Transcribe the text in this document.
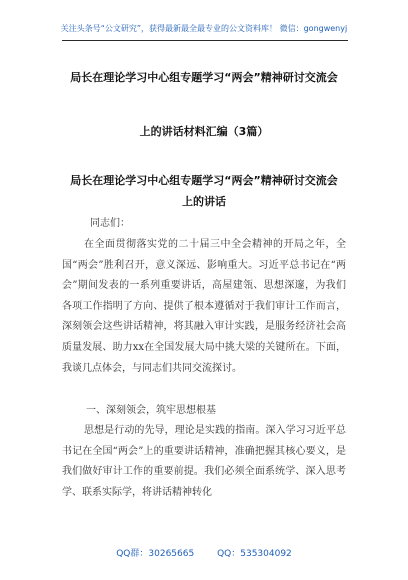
关注头条号“公文研究”，获得最新最全最专业的公文资料库！ 微信：gongwenyj
局长在理论学习中心组专题学习“两会”精神研讨交流会
上的讲话材料汇编（3篇）
局长在理论学习中心组专题学习“两会”精神研讨交流会
上的讲话
同志们：
在全面贯彻落实党的二十届三中全会精神的开局之年，全国“两会”胜利召开，意义深远、影响重大。习近平总书记在“两会”期间发表的一系列重要讲话，高屋建瓴、思想深邃，为我们各项工作指明了方向、提供了根本遵循对于我们审计工作而言，深刻领会这些讲话精神，将其融入审计实践，是服务经济社会高质量发展、助力xx在全国发展大局中挑大梁的关键所在。下面，我谈几点体会，与同志们共同交流探讨。
一、深刻领会，筑牢思想根基
思想是行动的先导，理论是实践的指南。深入学习习近平总书记在全国“两会”上的重要讲话精神，准确把握其核心要义，是我们做好审计工作的重要前提。我们必须全面系统学、深入思考学、联系实际学，将讲话精神转化
QQ群：30265665	QQ：535304092
